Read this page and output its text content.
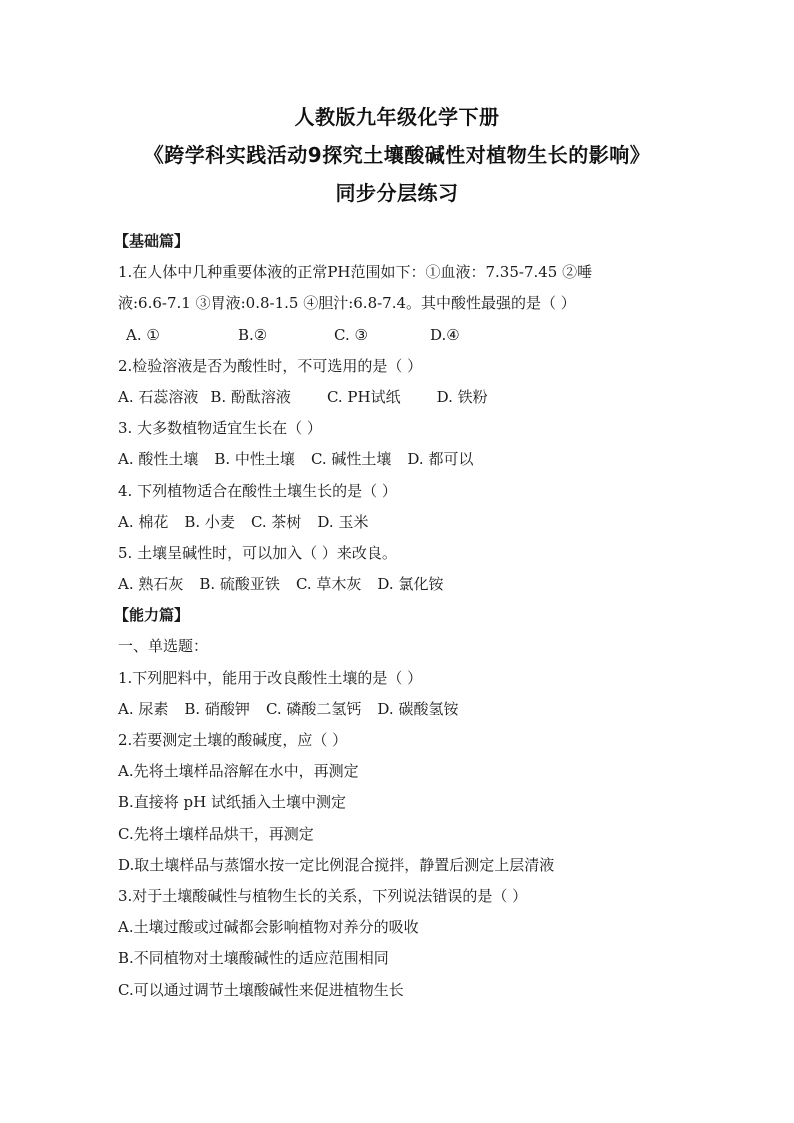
人教版九年级化学下册
《跨学科实践活动9探究土壤酸碱性对植物生长的影响》
同步分层练习
【基础篇】
1.在人体中几种重要体液的正常PH范围如下：①血液：7.35-7.45 ②唾
液:6.6-7.1 ③胃液:0.8-1.5 ④胆汁:6.8-7.4。其中酸性最强的是（ ）
A. ①	B.②	C. ③	D.④
2.检验溶液是否为酸性时，不可选用的是（ ）
A. 石蕊溶液 B. 酚酞溶液 C. PH试纸 D. 铁粉
3. 大多数植物适宜生长在（ ）
A. 酸性土壤 B. 中性土壤 C. 碱性土壤 D. 都可以
4. 下列植物适合在酸性土壤生长的是（ ）
A. 棉花 B. 小麦 C. 茶树 D. 玉米
5. 土壤呈碱性时，可以加入（ ）来改良。
A. 熟石灰 B. 硫酸亚铁 C. 草木灰 D. 氯化铵
【能力篇】
一、单选题：
1.下列肥料中，能用于改良酸性土壤的是（ ）
A. 尿素 B. 硝酸钾 C. 磷酸二氢钙 D. 碳酸氢铵
2.若要测定土壤的酸碱度，应（ ）
A.先将土壤样品溶解在水中，再测定
B.直接将 pH 试纸插入土壤中测定
C.先将土壤样品烘干，再测定
D.取土壤样品与蒸馏水按一定比例混合搅拌，静置后测定上层清液
3.对于土壤酸碱性与植物生长的关系，下列说法错误的是（ ）
A.土壤过酸或过碱都会影响植物对养分的吸收
B.不同植物对土壤酸碱性的适应范围相同
C.可以通过调节土壤酸碱性来促进植物生长
